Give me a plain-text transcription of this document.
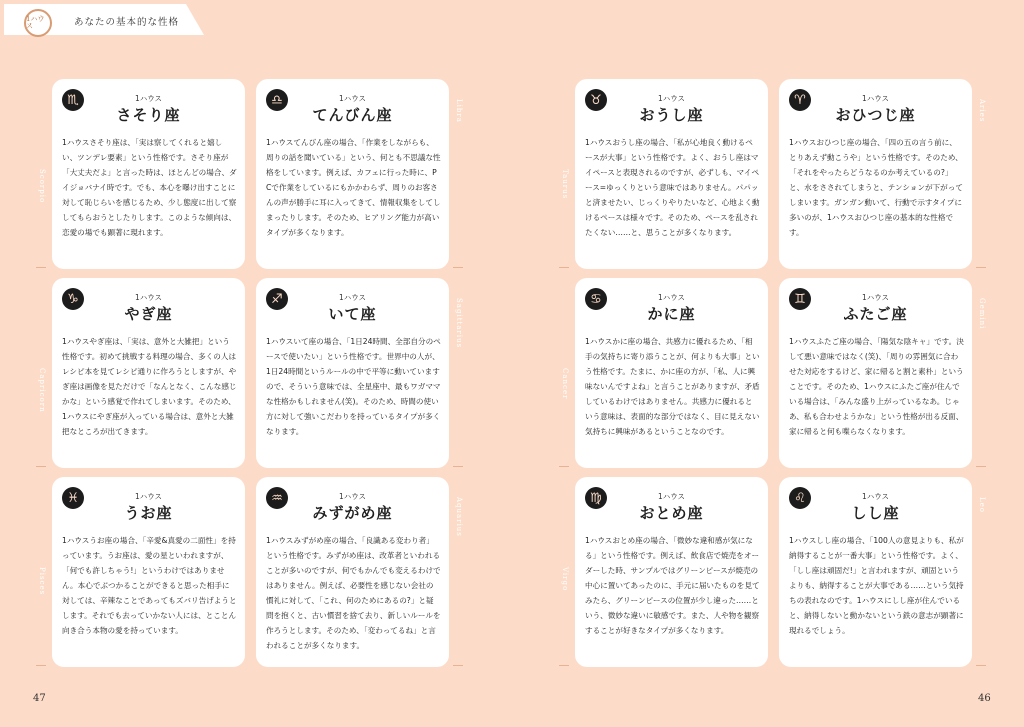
1ハウス	あなたの基本的な性格
47	46
♏	1ハウス
さそり座
1ハウスさそり座は、「実は察してくれると嬉しい、ツンデレ要素」という性格です。さそり座が「大丈夫だよ」と言った時は、ほとんどの場合、ダイジョバナイ時です。でも、本心を曝け出すことに対して恥じらいを感じるため、少し態度に出して察してもらおうとしたりします。このような傾向は、恋愛の場でも顕著に現れます。
Scorpio
♎	1ハウス
てんびん座
1ハウスてんびん座の場合、「作業をしながらも、周りの話を聞いている」という、何とも不思議な性格をしています。例えば、カフェに行った時に、PCで作業をしているにもかかわらず、周りのお客さんの声が勝手に耳に入ってきて、情報収集をしてしまったりします。そのため、ヒアリング能力が高いタイプが多くなります。
Libra	♉	1ハウス
おうし座
1ハウスおうし座の場合、「私が心地良く動けるペースが大事」という性格です。よく、おうし座はマイペースと表現されるのですが、必ずしも、マイペース=ゆっくりという意味ではありません。パパッと済ませたい、じっくりやりたいなど、心地よく動けるペースは様々です。そのため、ペースを乱されたくない……と、思うことが多くなります。
Taurus
♈	1ハウス
おひつじ座
1ハウスおひつじ座の場合、「四の五の言う前に、とりあえず動こうや」という性格です。そのため、「それをやったらどうなるのか考えているの?」と、水をさされてしまうと、テンションが下がってしまいます。ガンガン動いて、行動で示すタイプに多いのが、1ハウスおひつじ座の基本的な性格です。
Aries
♑	1ハウス
やぎ座
1ハウスやぎ座は、「実は、意外と大雑把」という性格です。初めて挑戦する料理の場合、多くの人はレシピ本を見てレシピ通りに作ろうとしますが、やぎ座は画像を見ただけで「なんとなく、こんな感じかな」という感覚で作れてしまいます。そのため、1ハウスにやぎ座が入っている場合は、意外と大雑把なところが出てきます。
Capricorn
♐	1ハウス
いて座
1ハウスいて座の場合、「1日24時間、全部自分のペースで使いたい」という性格です。世界中の人が、1日24時間というルールの中で平等に動いていますので、そういう意味では、全星座中、最もワガママな性格かもしれません(笑)。そのため、時間の使い方に対して強いこだわりを持っているタイプが多くなります。
Sagittarius	♋	1ハウス
かに座
1ハウスかに座の場合、共感力に優れるため、「相手の気持ちに寄り添うことが、何よりも大事」という性格です。たまに、かに座の方が、「私、人に興味ないんですよね」と言うことがありますが、矛盾しているわけではありません。共感力に優れるという意味は、表面的な部分ではなく、目に見えない気持ちに興味があるということなのです。
Cancer
♊	1ハウス
ふたご座
1ハウスふたご座の場合、「陽気な陰キャ」です。決して悪い意味ではなく(笑)、「周りの雰囲気に合わせた対応をするけど、家に帰ると割と素朴」ということです。そのため、1ハウスにふたご座が住んでいる場合は、「みんな盛り上がっているなあ。じゃあ、私も合わせようかな」という性格が出る反面、家に帰ると何も喋らなくなります。
Gemini
♓	1ハウス
うお座
1ハウスうお座の場合、「辛愛&真愛の二面性」を持っています。うお座は、愛の星といわれますが、「何でも許しちゃう!」というわけではありません。本心でぶつかることができると思った相手に対しては、辛辣なことであってもズバリ告げようとします。それでも去っていかない人には、とことん向き合う本物の愛を持っています。
Pisces
♒	1ハウス
みずがめ座
1ハウスみずがめ座の場合、「良識ある変わり者」という性格です。みずがめ座は、改革者といわれることが多いのですが、何でもかんでも変えるわけではありません。例えば、必要性を感じない会社の慣礼に対して、「これ、何のためにあるの?」と疑問を抱くと、古い慣習を捨て去り、新しいルールを作ろうとします。そのため、「変わってるね」と言われることが多くなります。
Aquarius	♍	1ハウス
おとめ座
1ハウスおとめ座の場合、「微妙な違和感が気になる」という性格です。例えば、飲食店で焼売をオーダーした時、サンプルではグリーンピースが焼売の中心に置いてあったのに、手元に届いたものを見てみたら、グリーンピースの位置が少し違った……という、微妙な違いに敏感です。また、人や物を観察することが好きなタイプが多くなります。
Virgo
♌	1ハウス
しし座
1ハウスしし座の場合、「100人の意見よりも、私が納得することが一番大事」という性格です。よく、「しし座は頑固だ!」と言われますが、頑固というよりも、納得することが大事である……という気持ちの表れなのです。1ハウスにしし座が住んでいると、納得しないと動かないという鉄の意志が顕著に現れるでしょう。
Leo
